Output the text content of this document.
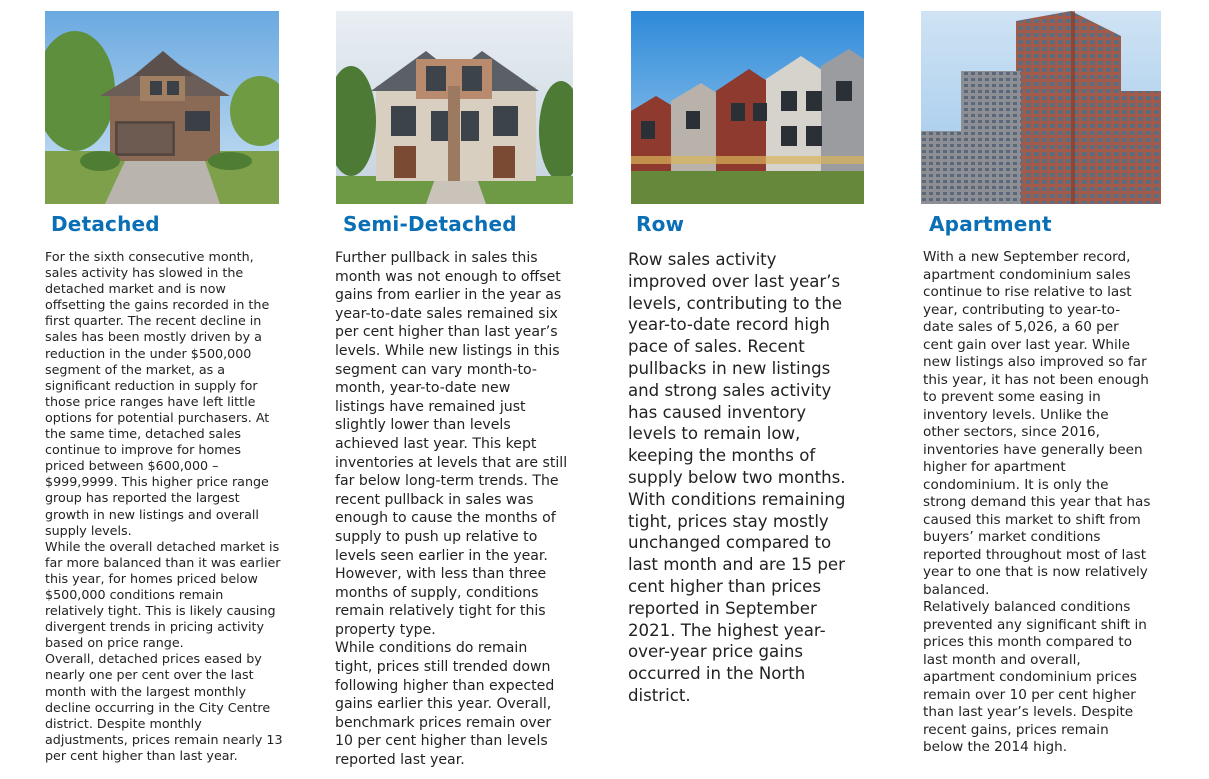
Detached

For the sixth consecutive month,
sales activity has slowed in the
detached market and is now
offsetting the gains recorded in the
first quarter. The recent decline in
sales has been mostly driven by a
reduction in the under $500,000
segment of the market, as a
significant reduction in supply for
those price ranges have left little
options for potential purchasers. At
the same time, detached sales
continue to improve for homes
priced between $600,000 –
$999,9999. This higher price range
group has reported the largest
growth in new listings and overall
supply levels.

While the overall detached market is
far more balanced than it was earlier
this year, for homes priced below
$500,000 conditions remain
relatively tight. This is likely causing
divergent trends in pricing activity
based on price range.

Overall, detached prices eased by
nearly one per cent over the last
month with the largest monthly
decline occurring in the City Centre
district. Despite monthly
adjustments, prices remain nearly 13
per cent higher than last year.

Semi-Detached

Further pullback in sales this
month was not enough to offset
gains from earlier in the year as
year-to-date sales remained six
per cent higher than last year’s
levels. While new listings in this
segment can vary month-to-
month, year-to-date new
listings have remained just
slightly lower than levels
achieved last year. This kept
inventories at levels that are still
far below long-term trends. The
recent pullback in sales was
enough to cause the months of
supply to push up relative to
levels seen earlier in the year.
However, with less than three
months of supply, conditions
remain relatively tight for this
property type.

While conditions do remain
tight, prices still trended down
following higher than expected
gains earlier this year. Overall,
benchmark prices remain over
10 per cent higher than levels
reported last year.

Row

Row sales activity
improved over last year’s
levels, contributing to the
year-to-date record high
pace of sales. Recent
pullbacks in new listings
and strong sales activity
has caused inventory
levels to remain low,
keeping the months of
supply below two months.
With conditions remaining
tight, prices stay mostly
unchanged compared to
last month and are 15 per
cent higher than prices
reported in September
2021. The highest year-
over-year price gains
occurred in the North
district.

Apartment

With a new September record,
apartment condominium sales
continue to rise relative to last
year, contributing to year-to-
date sales of 5,026, a 60 per
cent gain over last year. While
new listings also improved so far
this year, it has not been enough
to prevent some easing in
inventory levels. Unlike the
other sectors, since 2016,
inventories have generally been
higher for apartment
condominium. It is only the
strong demand this year that has
caused this market to shift from
buyers’ market conditions
reported throughout most of last
year to one that is now relatively
balanced.

Relatively balanced conditions
prevented any significant shift in
prices this month compared to
last month and overall,
apartment condominium prices
remain over 10 per cent higher
than last year’s levels. Despite
recent gains, prices remain
below the 2014 high.
